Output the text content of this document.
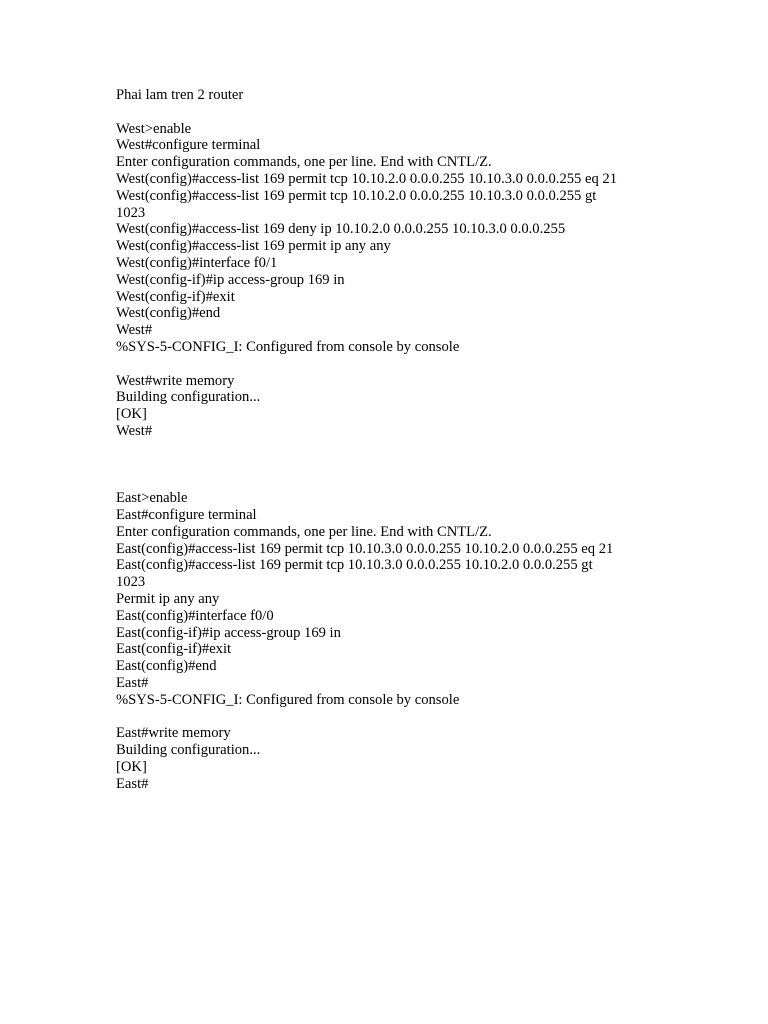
Phai lam tren 2 router
West>enable
West#configure terminal
Enter configuration commands, one per line. End with CNTL/Z.
West(config)#access-list 169 permit tcp 10.10.2.0 0.0.0.255 10.10.3.0 0.0.0.255 eq 21
West(config)#access-list 169 permit tcp 10.10.2.0 0.0.0.255 10.10.3.0 0.0.0.255 gt
1023
West(config)#access-list 169 deny ip 10.10.2.0 0.0.0.255 10.10.3.0 0.0.0.255
West(config)#access-list 169 permit ip any any
West(config)#interface f0/1
West(config-if)#ip access-group 169 in
West(config-if)#exit
West(config)#end
West#
%SYS-5-CONFIG_I: Configured from console by console
West#write memory
Building configuration...
[OK]
West#
East>enable
East#configure terminal
Enter configuration commands, one per line. End with CNTL/Z.
East(config)#access-list 169 permit tcp 10.10.3.0 0.0.0.255 10.10.2.0 0.0.0.255 eq 21
East(config)#access-list 169 permit tcp 10.10.3.0 0.0.0.255 10.10.2.0 0.0.0.255 gt
1023
Permit ip any any
East(config)#interface f0/0
East(config-if)#ip access-group 169 in
East(config-if)#exit
East(config)#end
East#
%SYS-5-CONFIG_I: Configured from console by console
East#write memory
Building configuration...
[OK]
East#
